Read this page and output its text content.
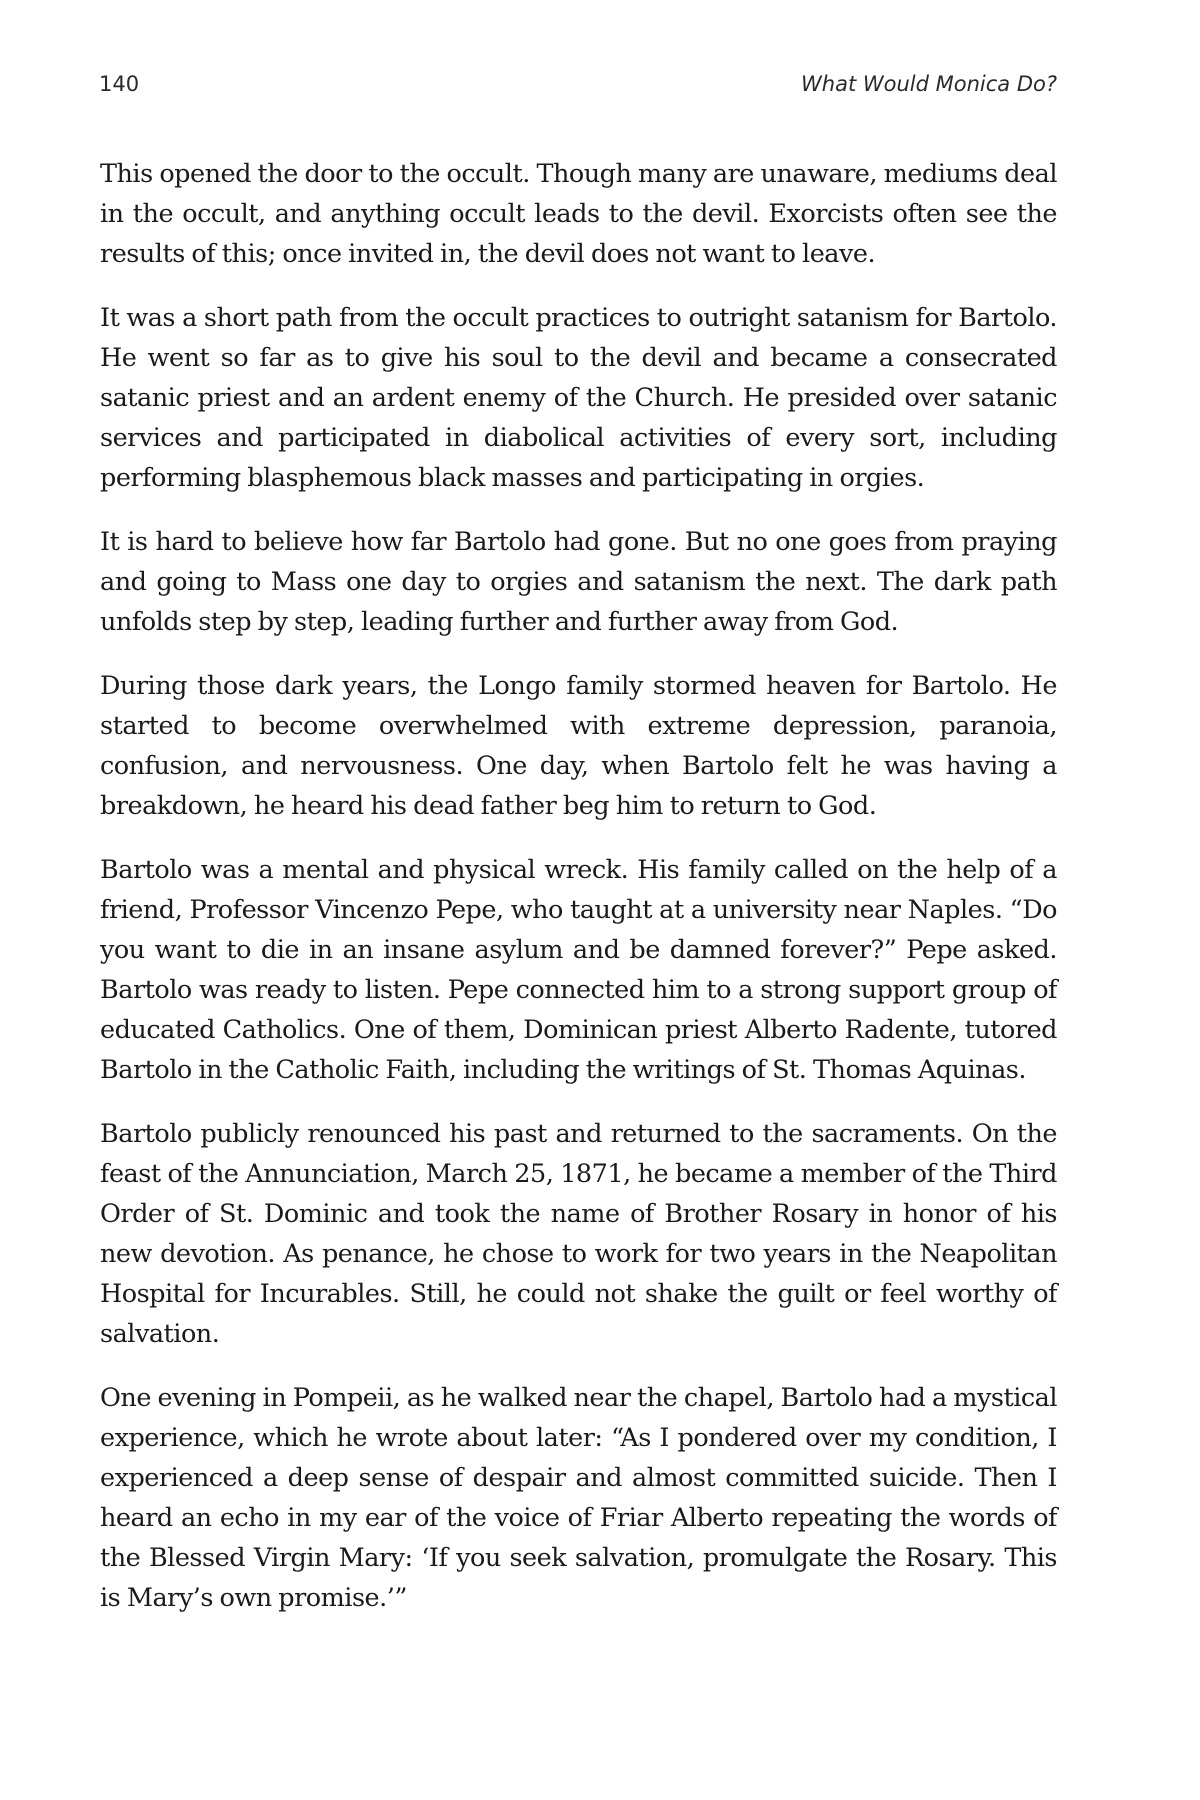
140	What Would Monica Do?

This opened the door to the occult. Though many are unaware, mediums deal in the occult, and anything occult leads to the devil. Exorcists often see the results of this; once invited in, the devil does not want to leave.

It was a short path from the occult practices to outright satanism for Bartolo. He went so far as to give his soul to the devil and became a consecrated satanic priest and an ardent enemy of the Church. He presided over satanic services and participated in diabolical activities of every sort, including performing blasphemous black masses and participating in orgies.

It is hard to believe how far Bartolo had gone. But no one goes from praying and going to Mass one day to orgies and satanism the next. The dark path unfolds step by step, leading further and further away from God.

During those dark years, the Longo family stormed heaven for Bartolo. He started to become overwhelmed with extreme depression, paranoia, confusion, and nervousness. One day, when Bartolo felt he was having a breakdown, he heard his dead father beg him to return to God.

Bartolo was a mental and physical wreck. His family called on the help of a friend, Professor Vincenzo Pepe, who taught at a university near Naples. “Do you want to die in an insane asylum and be damned forever?” Pepe asked. Bartolo was ready to listen. Pepe connected him to a strong support group of educated Catholics. One of them, Dominican priest Alberto Radente, tutored Bartolo in the Catholic Faith, including the writings of St. Thomas Aquinas.

Bartolo publicly renounced his past and returned to the sacraments. On the feast of the Annunciation, March 25, 1871, he became a member of the Third Order of St. Dominic and took the name of Brother Rosary in honor of his new devotion. As penance, he chose to work for two years in the Neapolitan Hospital for Incurables. Still, he could not shake the guilt or feel worthy of salvation.

One evening in Pompeii, as he walked near the chapel, Bartolo had a mystical experience, which he wrote about later: “As I pondered over my condition, I experienced a deep sense of despair and almost committed suicide. Then I heard an echo in my ear of the voice of Friar Alberto repeating the words of the Blessed Virgin Mary: ‘If you seek salvation, promulgate the Rosary. This is Mary’s own promise.’”
